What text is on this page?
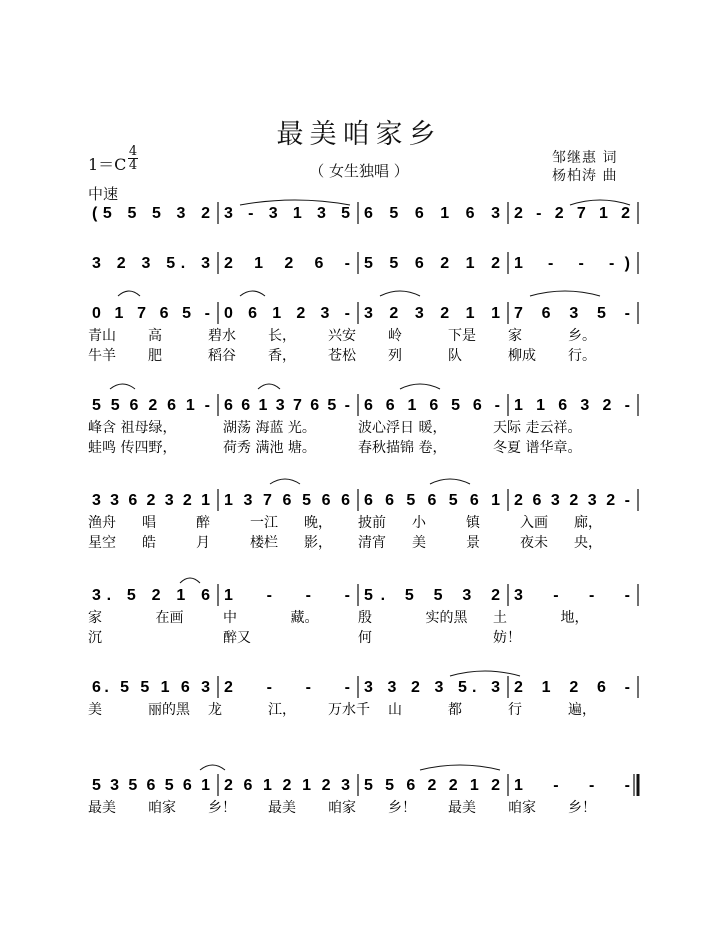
最美咱家乡
（ 女生独唱 ）
1＝C
4
4	邹继惠 词
杨柏涛 曲
中速
(5 5 5 3 2 3 - 3 1 3 5 6 5 6 1 6 3 2 - 2 7 1 2
3 2 3 5. 3 2 1 2 6 - 5 5 6 2 1 2 1 - - -)
0 1 7 6 5 - 0 6 1 2 3 - 3 2 3 2 1 1 7 6 3 5 -
青山 高	碧水 长， 兴安 岭	下是 家	乡。
牛羊 肥	稻谷 香， 苍松 列	队	柳成 行。
5 5 6 2 6 1 - 6 6 1 3 7 6 5 - 6 6 1 6 5 6 - 1 1 6 3 2 -
峰含 祖母绿，	湖荡 海蓝 光。	波心浮日 暖，	天际 走云祥。
蛙鸣 传四野，	荷秀 满池 塘。	春秋描锦 卷，	冬夏 谱华章。
3 3 6 2 3 2 1 1 3 7 6 5 6 6 6 6 5 6 5 6 1 2 6 3 2 3 2 -
渔舟 唱	醉	一江 晚， 披前 小	镇	入画 廊，
星空 皓	月	楼栏 影， 清宵 美	景	夜未 央，
3. 5 2 1 6 1 - - - 5. 5 5 3 2 3 - - -
家	在画	中	藏。	殷	实的黑 土	地，
沉	醉又	何	妨！
6. 5 5 1 6 3 2 - - - 3 3 2 3 5. 3 2 1 2 6 -
美	丽的黑 龙	江， 万水千 山	都	行	遍，
5 3 5 6 5 6 1 2 6 1 2 1 2 3 5 5 6 2 2 1 2 1 - - -
最美 咱家 乡！ 最美 咱家 乡！ 最美 咱家 乡！
